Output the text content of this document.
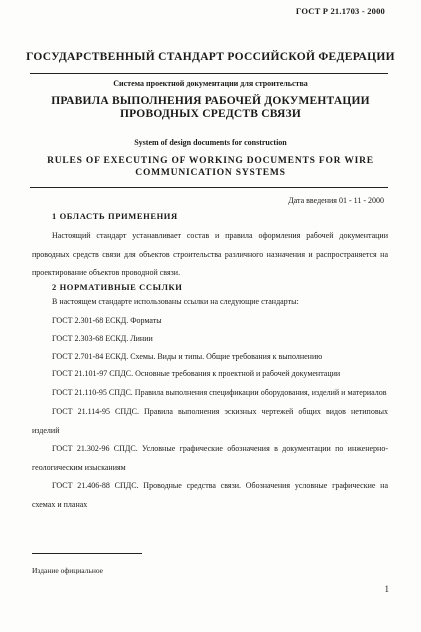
ГОСТ Р 21.1703 - 2000
ГОСУДАРСТВЕННЫЙ СТАНДАРТ РОССИЙСКОЙ ФЕДЕРАЦИИ
Система проектной документации для строительства
ПРАВИЛА ВЫПОЛНЕНИЯ РАБОЧЕЙ ДОКУМЕНТАЦИИ
ПРОВОДНЫХ СРЕДСТВ СВЯЗИ
System of design documents for construction
RULES OF EXECUTING OF WORKING DOCUMENTS FOR WIRE
COMMUNICATION SYSTEMS
Дата введения 01 - 11 - 2000
1 ОБЛАСТЬ ПРИМЕНЕНИЯ
Настоящий стандарт устанавливает состав и правила оформления рабочей документации проводных средств связи для объектов строительства различного назначения и распространяется на проектирование объектов проводной связи.
2 НОРМАТИВНЫЕ ССЫЛКИ
В настоящем стандарте использованы ссылки на следующие стандарты:
ГОСТ 2.301-68 ЕСКД. Форматы
ГОСТ 2.303-68 ЕСКД. Линии
ГОСТ 2.701-84 ЕСКД. Схемы. Виды и типы. Общие требования к выполнению
ГОСТ 21.101-97 СПДС. Основные требования к проектной и рабочей документации
ГОСТ 21.110-95 СПДС. Правила выполнения спецификации оборудования, изделий и материалов
ГОСТ 21.114-95 СПДС. Правила выполнения эскизных чертежей общих видов нетиповых изделий
ГОСТ 21.302-96 СПДС. Условные графические обозначения в документации по инженерно-геологическим изысканиям
ГОСТ 21.406-88 СПДС. Проводные средства связи. Обозначения условные графические на схемах и планах
Издание официальное
1
